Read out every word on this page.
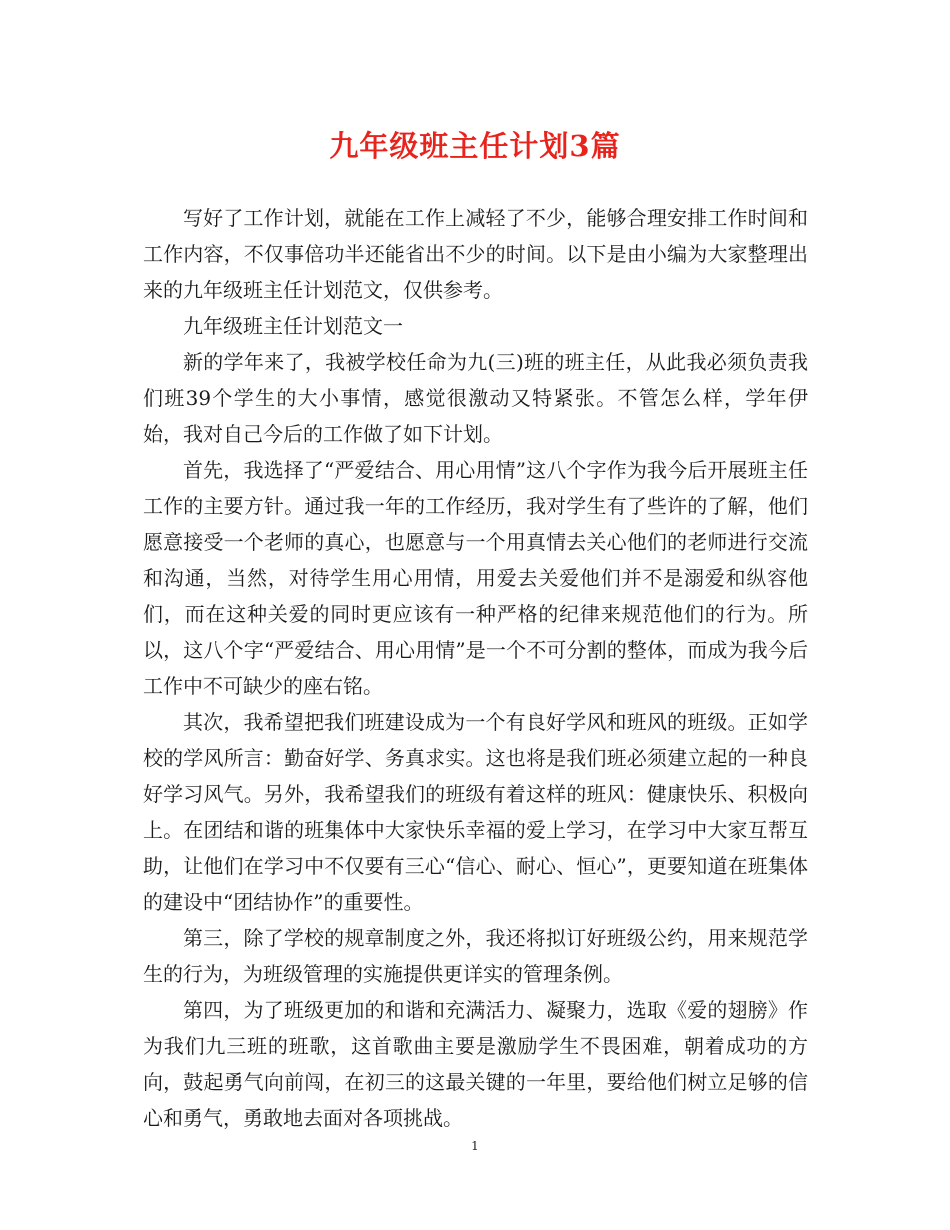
九年级班主任计划3篇

写好了工作计划，就能在工作上减轻了不少，能够合理安排工作时间和工作内容，不仅事倍功半还能省出不少的时间。以下是由小编为大家整理出来的九年级班主任计划范文，仅供参考。

九年级班主任计划范文一

新的学年来了，我被学校任命为九(三)班的班主任，从此我必须负责我们班39个学生的大小事情，感觉很激动又特紧张。不管怎么样，学年伊始，我对自己今后的工作做了如下计划。

首先，我选择了“严爱结合、用心用情”这八个字作为我今后开展班主任工作的主要方针。通过我一年的工作经历，我对学生有了些许的了解，他们愿意接受一个老师的真心，也愿意与一个用真情去关心他们的老师进行交流和沟通，当然，对待学生用心用情，用爱去关爱他们并不是溺爱和纵容他们，而在这种关爱的同时更应该有一种严格的纪律来规范他们的行为。所以，这八个字“严爱结合、用心用情”是一个不可分割的整体，而成为我今后工作中不可缺少的座右铭。

其次，我希望把我们班建设成为一个有良好学风和班风的班级。正如学校的学风所言：勤奋好学、务真求实。这也将是我们班必须建立起的一种良好学习风气。另外，我希望我们的班级有着这样的班风：健康快乐、积极向上。在团结和谐的班集体中大家快乐幸福的爱上学习，在学习中大家互帮互助，让他们在学习中不仅要有三心“信心、耐心、恒心”，更要知道在班集体的建设中“团结协作”的重要性。

第三，除了学校的规章制度之外，我还将拟订好班级公约，用来规范学生的行为，为班级管理的实施提供更详实的管理条例。

第四，为了班级更加的和谐和充满活力、凝聚力，选取《爱的翅膀》作为我们九三班的班歌，这首歌曲主要是激励学生不畏困难，朝着成功的方向，鼓起勇气向前闯，在初三的这最关键的一年里，要给他们树立足够的信心和勇气，勇敢地去面对各项挑战。

1
